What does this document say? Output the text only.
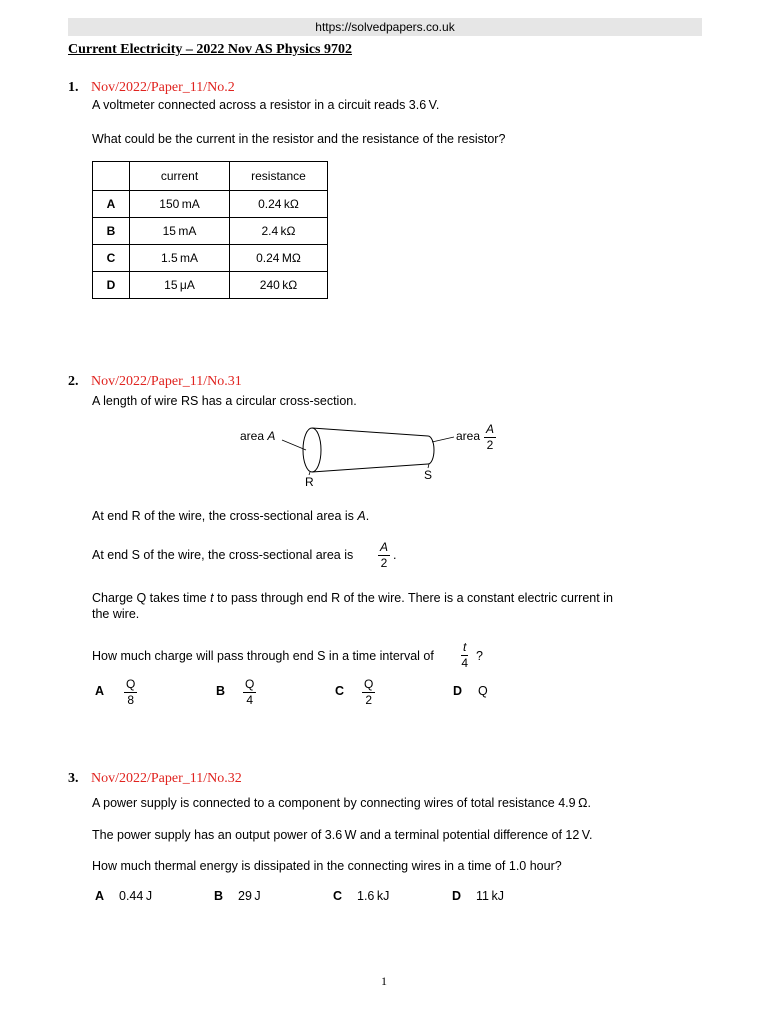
https://solvedpapers.co.uk
Current Electricity – 2022 Nov AS Physics 9702
1. Nov/2022/Paper_11/No.2
A voltmeter connected across a resistor in a circuit reads 3.6 V.
What could be the current in the resistor and the resistance of the resistor?
	current	resistance
A	150 mA	0.24 kΩ
B	15 mA	2.4 kΩ
C	1.5 mA	0.24 MΩ
D	15 μA	240 kΩ
2. Nov/2022/Paper_11/No.31
A length of wire RS has a circular cross-section.
area A	area $\frac{A}{2}$
R	S
At end R of the wire, the cross-sectional area is A.
At end S of the wire, the cross-sectional area is $\frac{A}{2}$ .
Charge Q takes time t to pass through end R of the wire. There is a constant electric current in
the wire.
How much charge will pass through end S in a time interval of $\frac{t}{4}$ ?
A $\frac{Q}{8}$	B $\frac{Q}{4}$	C $\frac{Q}{2}$	D Q
3. Nov/2022/Paper_11/No.32
A power supply is connected to a component by connecting wires of total resistance 4.9 Ω.
The power supply has an output power of 3.6 W and a terminal potential difference of 12 V.
How much thermal energy is dissipated in the connecting wires in a time of 1.0 hour?
A 0.44 J	B 29 J	C 1.6 kJ	D 11 kJ
1
